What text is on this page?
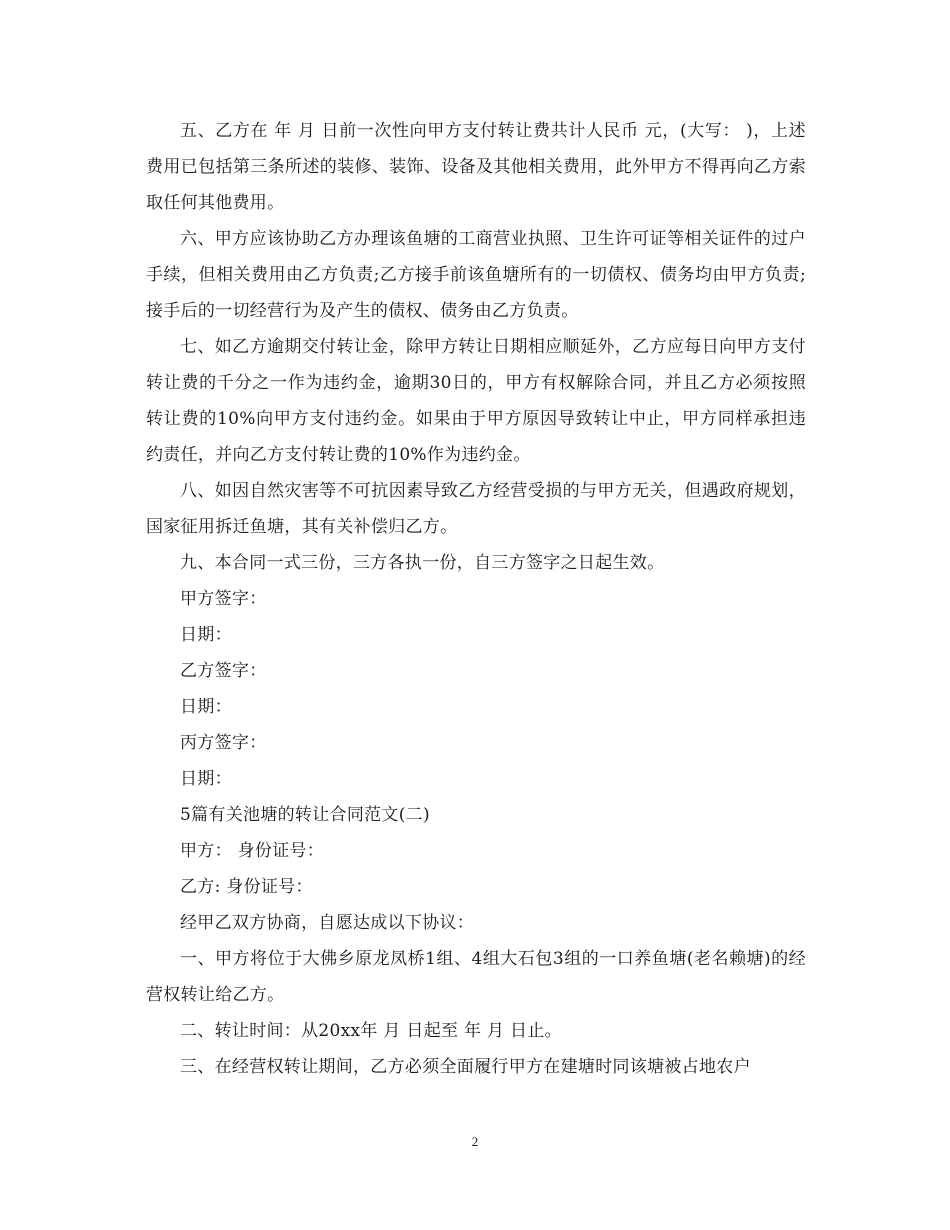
五、乙方在 年 月 日前一次性向甲方支付转让费共计人民币 元，(大写： )，上述费用已包括第三条所述的装修、装饰、设备及其他相关费用，此外甲方不得再向乙方索取任何其他费用。

六、甲方应该协助乙方办理该鱼塘的工商营业执照、卫生许可证等相关证件的过户手续，但相关费用由乙方负责;乙方接手前该鱼塘所有的一切债权、债务均由甲方负责;接手后的一切经营行为及产生的债权、债务由乙方负责。

七、如乙方逾期交付转让金，除甲方转让日期相应顺延外，乙方应每日向甲方支付转让费的千分之一作为违约金，逾期30日的，甲方有权解除合同，并且乙方必须按照转让费的10%向甲方支付违约金。如果由于甲方原因导致转让中止，甲方同样承担违约责任，并向乙方支付转让费的10%作为违约金。

八、如因自然灾害等不可抗因素导致乙方经营受损的与甲方无关，但遇政府规划，国家征用拆迁鱼塘，其有关补偿归乙方。

九、本合同一式三份，三方各执一份，自三方签字之日起生效。

甲方签字：

日期：

乙方签字：

日期：

丙方签字：

日期：

5篇有关池塘的转让合同范文(二)

甲方： 身份证号：

乙方: 身份证号：

经甲乙双方协商，自愿达成以下协议：

一、甲方将位于大佛乡原龙凤桥1组、4组大石包3组的一口养鱼塘(老名赖塘)的经营权转让给乙方。

二、转让时间：从20xx年 月 日起至 年 月 日止。

三、在经营权转让期间，乙方必须全面履行甲方在建塘时同该塘被占地农户

2
